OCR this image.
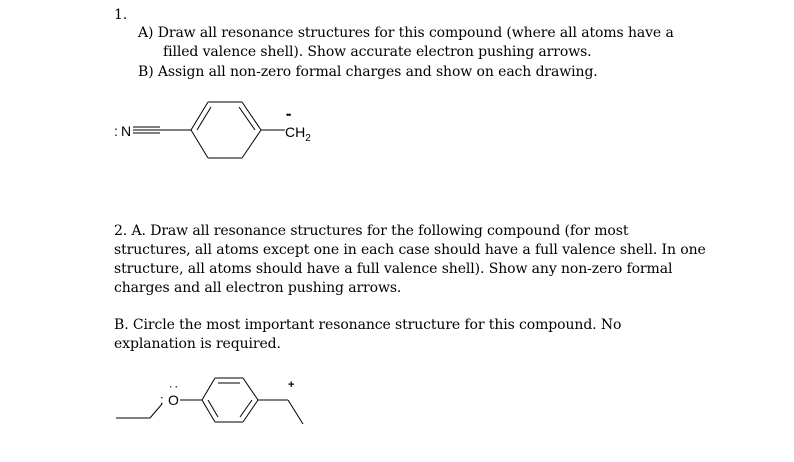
1.
A) Draw all resonance structures for this compound (where all atoms have a
filled valence shell). Show accurate electron pushing arrows.
B) Assign all non-zero formal charges and show on each drawing.
: N
••
$CH_2$
2. A. Draw all resonance structures for the following compound (for most
structures, all atoms except one in each case should have a full valence shell. In one
structure, all atoms should have a full valence shell). Show any non-zero formal
charges and all electron pushing arrows.
B. Circle the most important resonance structure for this compound. No
explanation is required.
:
:
O
+
